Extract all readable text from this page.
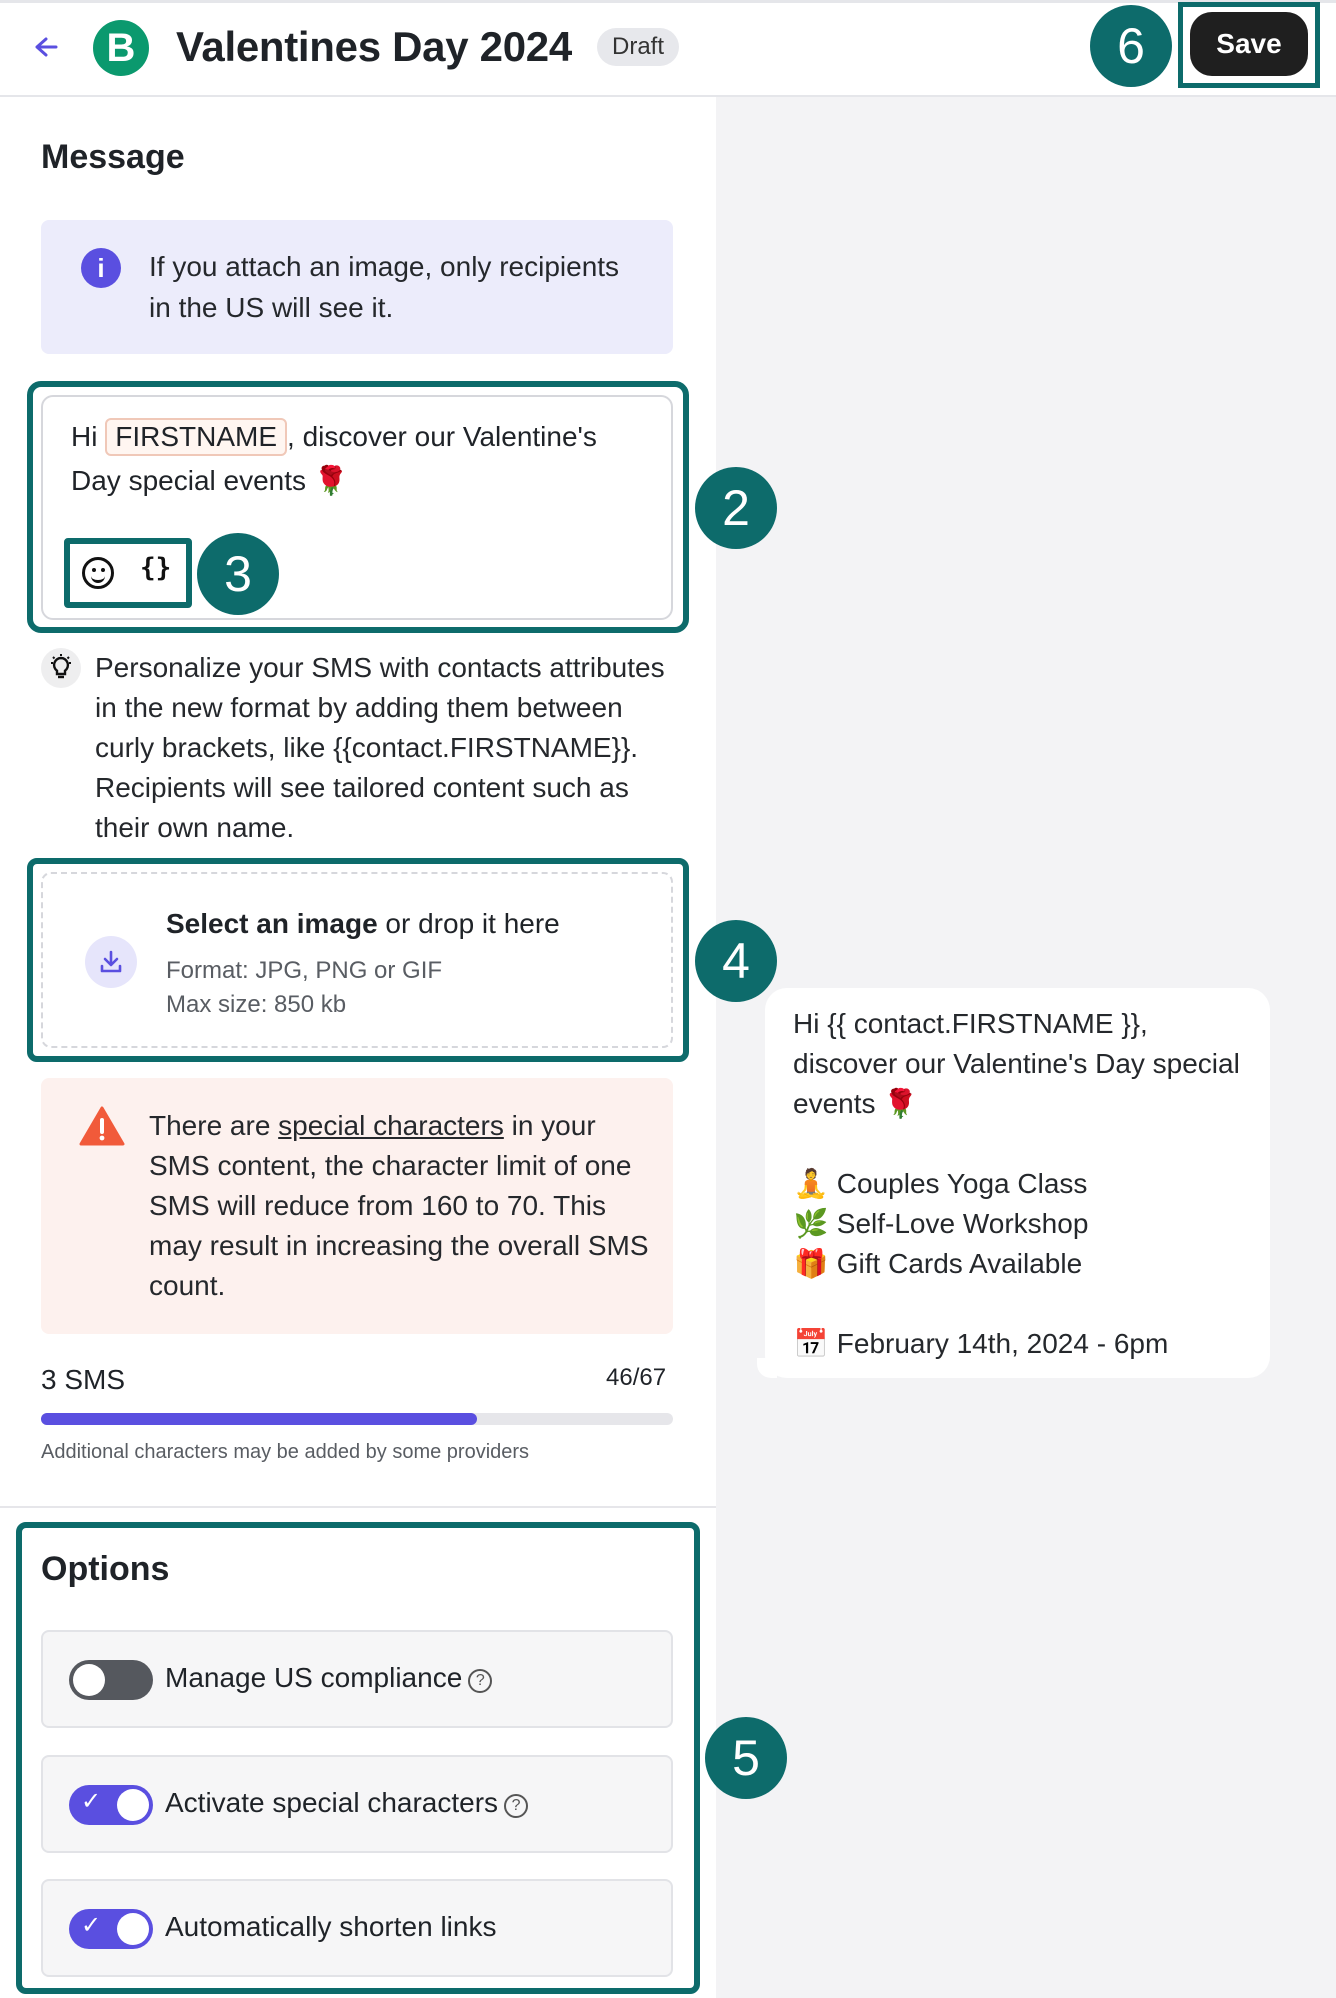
B Valentines Day 2024	Draft	6	Save
Message
i	If you attach an image, only recipients in the US will see it.
Hi FIRSTNAME , discover our Valentine's Day special events 🌹
{}	3
2
Personalize your SMS with contacts attributes in the new format by adding them between curly brackets, like {{contact.FIRSTNAME}}. Recipients will see tailored content such as their own name.
Select an image or drop it here
Format: JPG, PNG or GIF
Max size: 850 kb
4
There are special characters in your SMS content, the character limit of one SMS will reduce from 160 to 70. This may result in increasing the overall SMS count.
3 SMS	46/67
Additional characters may be added by some providers
Options
Manage US compliance ?
✓ Activate special characters ?
✓ Automatically shorten links
5
Hi {{ contact.FIRSTNAME }}, discover our Valentine's Day special events 🌹
🧘 Couples Yoga Class
🌿 Self-Love Workshop
🎁 Gift Cards Available
📅 February 14th, 2024 - 6pm
